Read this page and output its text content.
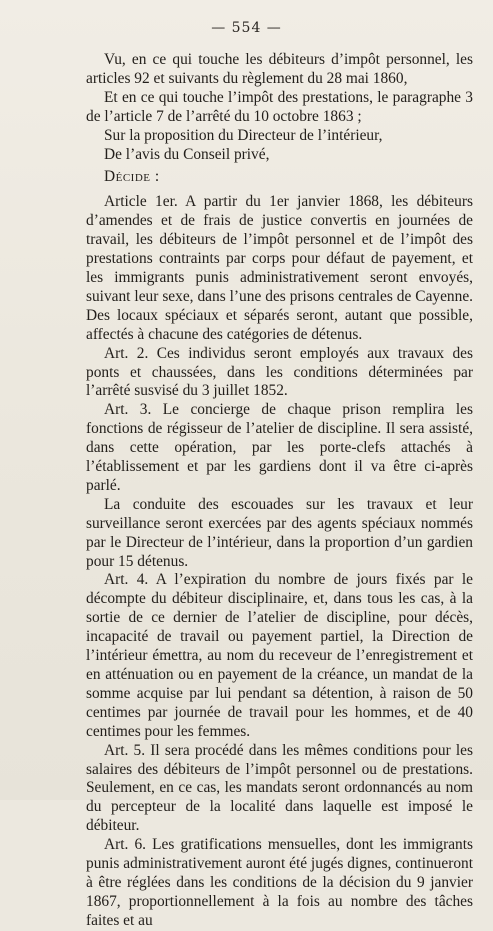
— 554 —

Vu, en ce qui touche les débiteurs d’impôt personnel, les articles 92 et suivants du règlement du 28 mai 1860,

Et en ce qui touche l’impôt des prestations, le paragraphe 3 de l’article 7 de l’arrêté du 10 octobre 1863 ;

Sur la proposition du Directeur de l’intérieur,

De l’avis du Conseil privé,

Décide :

Article 1er. A partir du 1er janvier 1868, les débiteurs d’amendes et de frais de justice convertis en journées de travail, les débiteurs de l’impôt personnel et de l’impôt des prestations contraints par corps pour défaut de payement, et les immigrants punis administrativement seront envoyés, suivant leur sexe, dans l’une des prisons centrales de Cayenne. Des locaux spéciaux et séparés seront, autant que possible, affectés à chacune des catégories de détenus.

Art. 2. Ces individus seront employés aux travaux des ponts et chaussées, dans les conditions déterminées par l’arrêté susvisé du 3 juillet 1852.

Art. 3. Le concierge de chaque prison remplira les fonctions de régisseur de l’atelier de discipline. Il sera assisté, dans cette opération, par les porte-clefs attachés à l’établissement et par les gardiens dont il va être ci-après parlé.

La conduite des escouades sur les travaux et leur surveillance seront exercées par des agents spéciaux nommés par le Directeur de l’intérieur, dans la proportion d’un gardien pour 15 détenus.

Art. 4. A l’expiration du nombre de jours fixés par le décompte du débiteur disciplinaire, et, dans tous les cas, à la sortie de ce dernier de l’atelier de discipline, pour décès, incapacité de travail ou payement partiel, la Direction de l’intérieur émettra, au nom du receveur de l’enregistrement et en atténuation ou en payement de la créance, un mandat de la somme acquise par lui pendant sa détention, à raison de 50 centimes par journée de travail pour les hommes, et de 40 centimes pour les femmes.

Art. 5. Il sera procédé dans les mêmes conditions pour les salaires des débiteurs de l’impôt personnel ou de prestations. Seulement, en ce cas, les mandats seront ordonnancés au nom du percepteur de la localité dans laquelle est imposé le débiteur.

Art. 6. Les gratifications mensuelles, dont les immigrants punis administrativement auront été jugés dignes, continueront à être réglées dans les conditions de la décision du 9 janvier 1867, proportionnellement à la fois au nombre des tâches faites et au
